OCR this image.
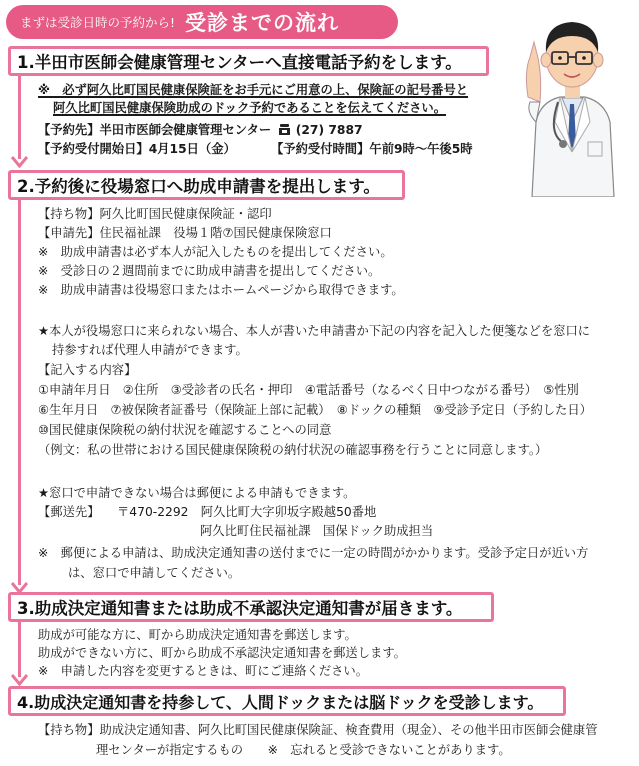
まずは受診日時の予約から! 受診までの流れ
1.半田市医師会健康管理センターへ直接電話予約をします。
※　必ず阿久比町国民健康保険証をお手元にご用意の上、保険証の記号番号と
阿久比町国民健康保険助成のドック予約であることを伝えてください。
【予約先】半田市医師会健康管理センター (27) 7887
【予約受付開始日】4月15日（金）	【予約受付時間】午前9時～午後5時
2.予約後に役場窓口へ助成申請書を提出します。
【持ち物】阿久比町国民健康保険証・認印
【申請先】住民福祉課　役場１階⑦国民健康保険窓口
※　助成申請書は必ず本人が記入したものを提出してください。
※　受診日の２週間前までに助成申請書を提出してください。
※　助成申請書は役場窓口またはホームページから取得できます。
★本人が役場窓口に来られない場合、本人が書いた申請書か下記の内容を記入した便箋などを窓口に
持参すれば代理人申請ができます。
【記入する内容】
①申請年月日　②住所　③受診者の氏名・押印　④電話番号（なるべく日中つながる番号）　⑤性別
⑥生年月日　⑦被保険者証番号（保険証上部に記載）　⑧ドックの種類　⑨受診予定日（予約した日）
⑩国民健康保険税の納付状況を確認することへの同意
（例文：私の世帯における国民健康保険税の納付状況の確認事務を行うことに同意します。）
★窓口で申請できない場合は郵便による申請もできます。
【郵送先】 〒470-2292　阿久比町大字卯坂字殿越50番地
阿久比町住民福祉課　国保ドック助成担当
※　郵便による申請は、助成決定通知書の送付までに一定の時間がかかります。受診予定日が近い方
は、窓口で申請してください。
3.助成決定通知書または助成不承認決定通知書が届きます。
助成が可能な方に、町から助成決定通知書を郵送します。
助成ができない方に、町から助成不承認決定通知書を郵送します。
※　申請した内容を変更するときは、町にご連絡ください。
4.助成決定通知書を持参して、人間ドックまたは脳ドックを受診します。
【持ち物】助成決定通知書、阿久比町国民健康保険証、検査費用（現金）、その他半田市医師会健康管
理センターが指定するもの　　※　忘れると受診できないことがあります。
